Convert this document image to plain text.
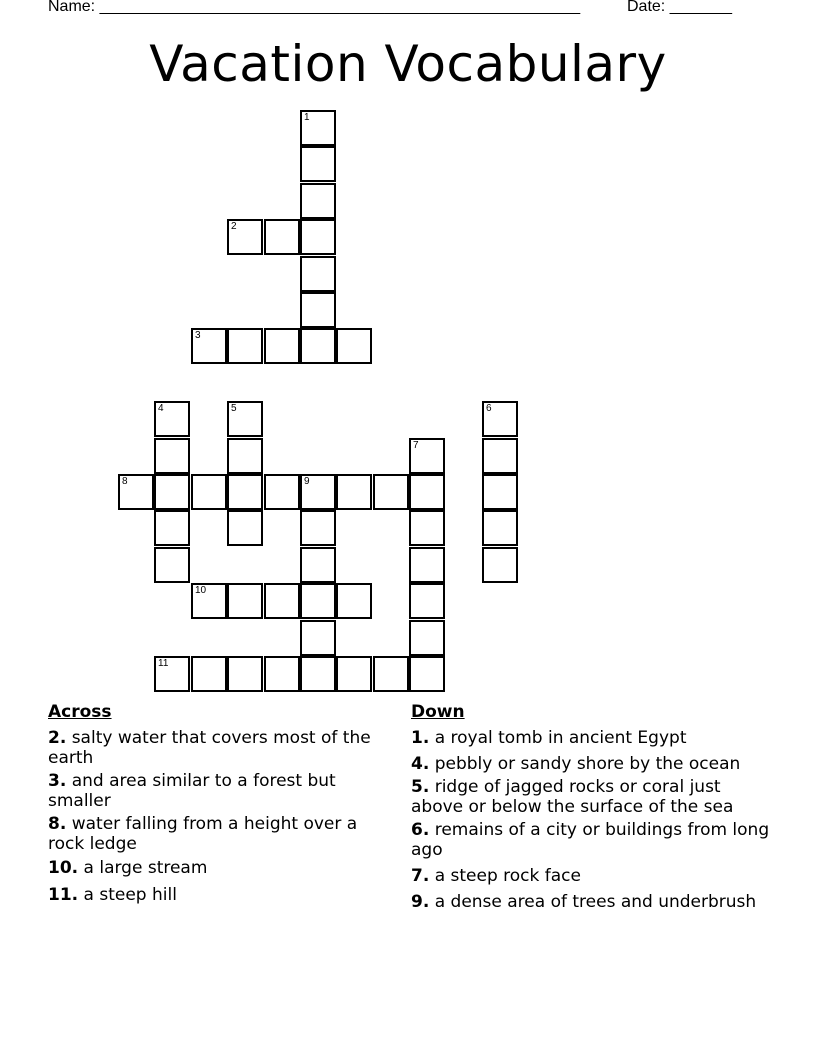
Name: ______________________________________________________	Date: _______
Vacation Vocabulary
1
2
3
4	5	6
7
8	9
10
11
Across
2. salty water that covers most of the earth
3. and area similar to a forest but smaller
8. water falling from a height over a rock ledge
10. a large stream
11. a steep hill
Down
1. a royal tomb in ancient Egypt
4. pebbly or sandy shore by the ocean
5. ridge of jagged rocks or coral just above or below the surface of the sea
6. remains of a city or buildings from long ago
7. a steep rock face
9. a dense area of trees and underbrush
